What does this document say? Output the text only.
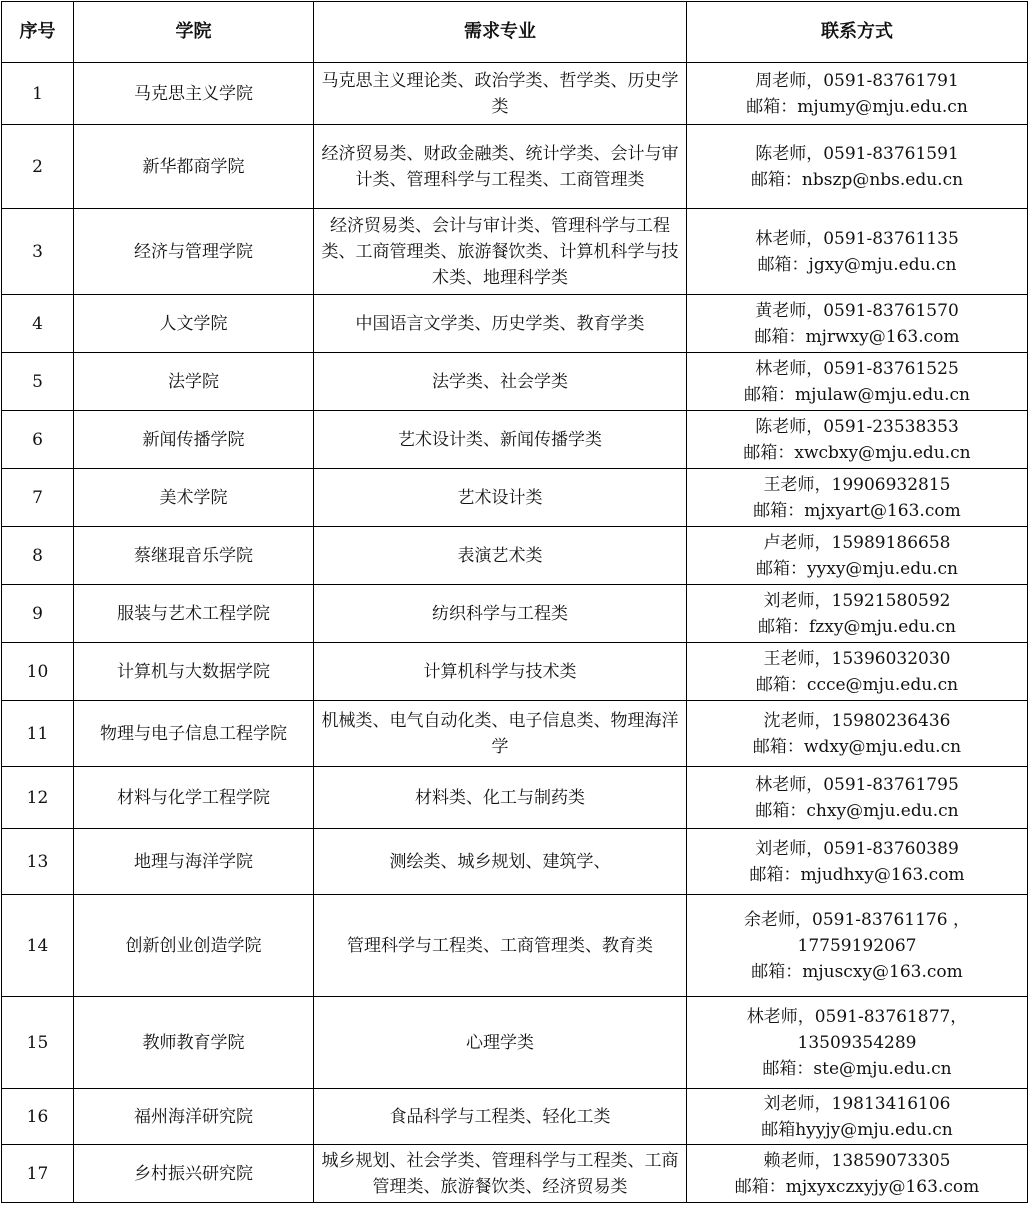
序号	学院	需求专业	联系方式
1	马克思主义学院	马克思主义理论类、政治学类、哲学类、历史学类	周老师，0591-83761791
邮箱：mjumy@mju.edu.cn

2	新华都商学院	经济贸易类、财政金融类、统计学类、会计与审计类、管理科学与工程类、工商管理类	陈老师，0591-83761591
邮箱：nbszp@nbs.edu.cn

3	经济与管理学院	经济贸易类、会计与审计类、管理科学与工程类、工商管理类、旅游餐饮类、计算机科学与技术类、地理科学类	林老师，0591-83761135
邮箱：jgxy@mju.edu.cn

4	人文学院	中国语言文学类、历史学类、教育学类	黄老师，0591-83761570
邮箱：mjrwxy@163.com

5	法学院	法学类、社会学类	林老师，0591-83761525
邮箱：mjulaw@mju.edu.cn

6	新闻传播学院	艺术设计类、新闻传播学类	陈老师，0591-23538353
邮箱：xwcbxy@mju.edu.cn

7	美术学院	艺术设计类	王老师，19906932815
邮箱：mjxyart@163.com

8	蔡继琨音乐学院	表演艺术类	卢老师，15989186658
邮箱：yyxy@mju.edu.cn

9	服装与艺术工程学院	纺织科学与工程类	刘老师，15921580592
邮箱：fzxy@mju.edu.cn

10	计算机与大数据学院	计算机科学与技术类	王老师，15396032030
邮箱：ccce@mju.edu.cn

11	物理与电子信息工程学院	机械类、电气自动化类、电子信息类、物理海洋学	沈老师，15980236436
邮箱：wdxy@mju.edu.cn

12	材料与化学工程学院	材料类、化工与制药类	林老师，0591-83761795
邮箱：chxy@mju.edu.cn

13	地理与海洋学院	测绘类、城乡规划、建筑学、	刘老师，0591-83760389
邮箱：mjudhxy@163.com

14	创新创业创造学院	管理科学与工程类、工商管理类、教育类	余老师，0591-83761176 ，
17759192067
邮箱：mjuscxy@163.com

15	教师教育学院	心理学类	林老师，0591-83761877，
13509354289
邮箱：ste@mju.edu.cn

16	福州海洋研究院	食品科学与工程类、轻化工类	刘老师，19813416106
邮箱hyyjy@mju.edu.cn

17	乡村振兴研究院	城乡规划、社会学类、管理科学与工程类、工商管理类、旅游餐饮类、经济贸易类	赖老师，13859073305
邮箱：mjxyxczxyjy@163.com
